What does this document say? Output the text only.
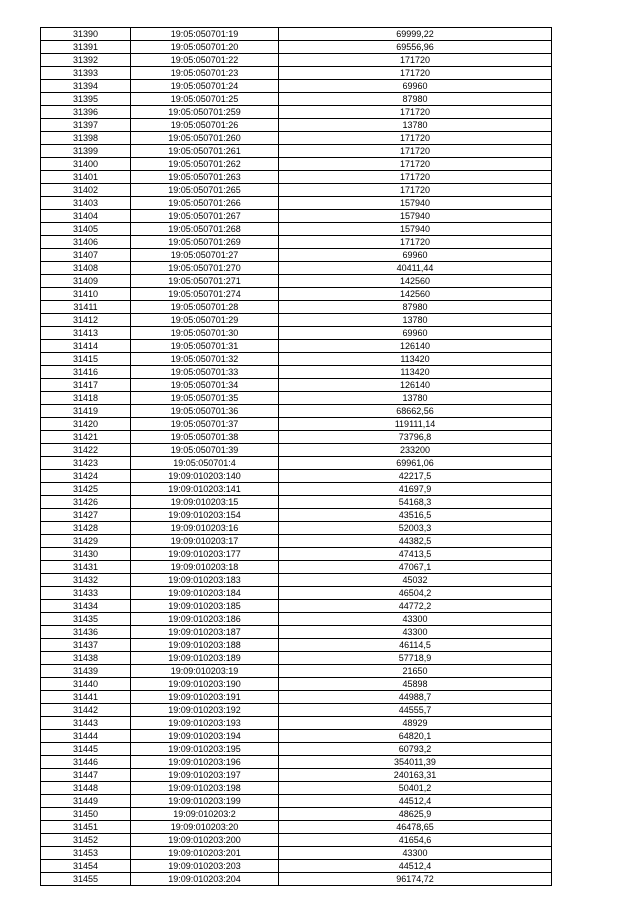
31390	19:05:050701:19	69999,22
31391	19:05:050701:20	69556,96
31392	19:05:050701:22	171720
31393	19:05:050701:23	171720
31394	19:05:050701:24	69960
31395	19:05:050701:25	87980
31396	19:05:050701:259	171720
31397	19:05:050701:26	13780
31398	19:05:050701:260	171720
31399	19:05:050701:261	171720
31400	19:05:050701:262	171720
31401	19:05:050701:263	171720
31402	19:05:050701:265	171720
31403	19:05:050701:266	157940
31404	19:05:050701:267	157940
31405	19:05:050701:268	157940
31406	19:05:050701:269	171720
31407	19:05:050701:27	69960
31408	19:05:050701:270	40411,44
31409	19:05:050701:271	142560
31410	19:05:050701:274	142560
31411	19:05:050701:28	87980
31412	19:05:050701:29	13780
31413	19:05:050701:30	69960
31414	19:05:050701:31	126140
31415	19:05:050701:32	113420
31416	19:05:050701:33	113420
31417	19:05:050701:34	126140
31418	19:05:050701:35	13780
31419	19:05:050701:36	68662,56
31420	19:05:050701:37	119111,14
31421	19:05:050701:38	73796,8
31422	19:05:050701:39	233200
31423	19:05:050701:4	69961,06
31424	19:09:010203:140	42217,5
31425	19:09:010203:141	41697,9
31426	19:09:010203:15	54168,3
31427	19:09:010203:154	43516,5
31428	19:09:010203:16	52003,3
31429	19:09:010203:17	44382,5
31430	19:09:010203:177	47413,5
31431	19:09:010203:18	47067,1
31432	19:09:010203:183	45032
31433	19:09:010203:184	46504,2
31434	19:09:010203:185	44772,2
31435	19:09:010203:186	43300
31436	19:09:010203:187	43300
31437	19:09:010203:188	46114,5
31438	19:09:010203:189	57718,9
31439	19:09:010203:19	21650
31440	19:09:010203:190	45898
31441	19:09:010203:191	44988,7
31442	19:09:010203:192	44555,7
31443	19:09:010203:193	48929
31444	19:09:010203:194	64820,1
31445	19:09:010203:195	60793,2
31446	19:09:010203:196	354011,39
31447	19:09:010203:197	240163,31
31448	19:09:010203:198	50401,2
31449	19:09:010203:199	44512,4
31450	19:09:010203:2	48625,9
31451	19:09:010203:20	46478,65
31452	19:09:010203:200	41654,6
31453	19:09:010203:201	43300
31454	19:09:010203:203	44512,4
31455	19:09:010203:204	96174,72
